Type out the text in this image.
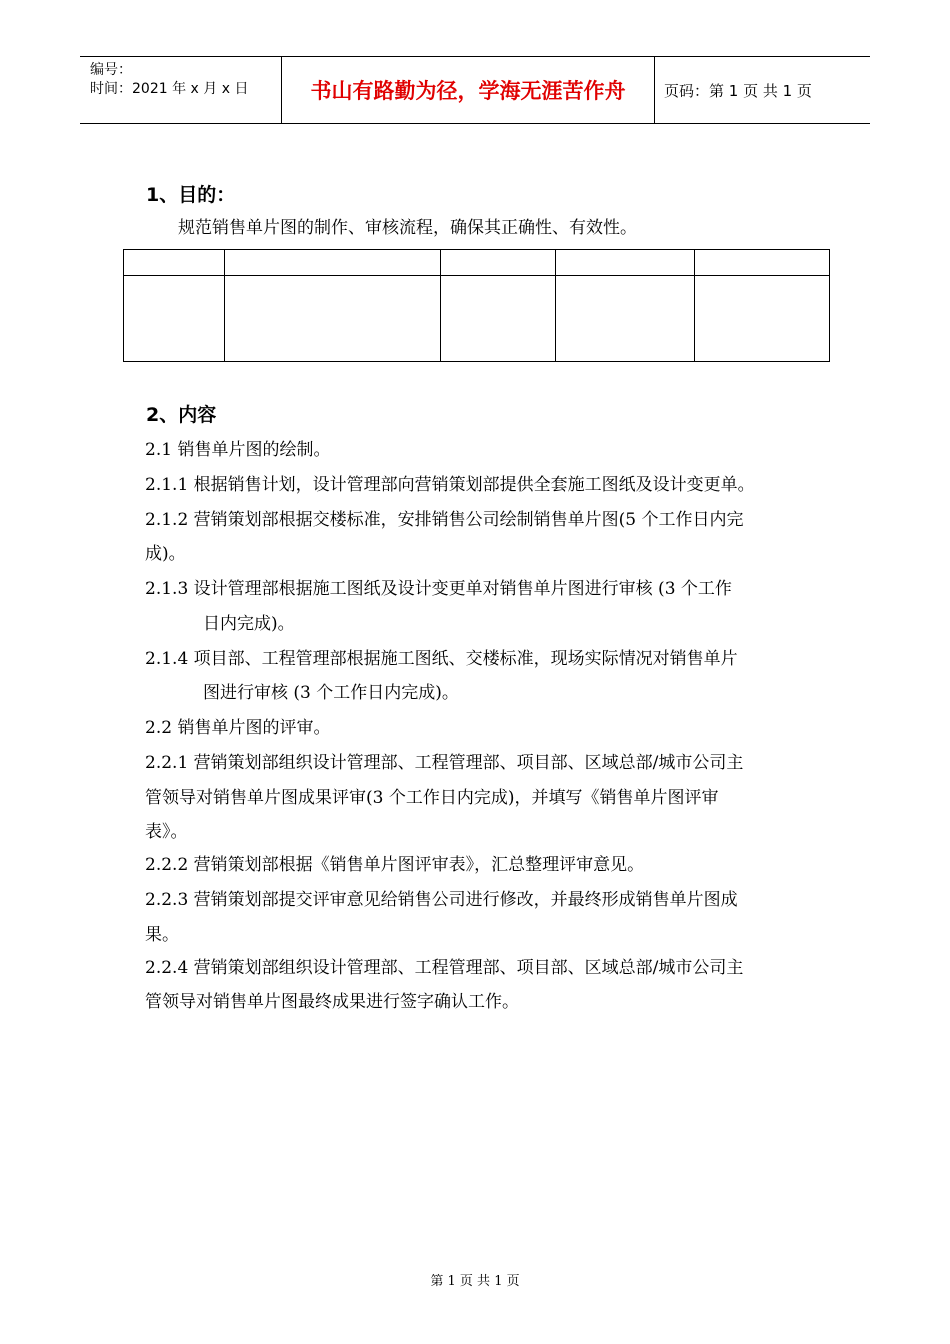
编号：
时间：2021 年 x 月 x 日	书山有路勤为径，学海无涯苦作舟	页码：第 1 页 共 1 页
1、目的：
规范销售单片图的制作、审核流程，确保其正确性、有效性。

2、内容
2.1 销售单片图的绘制。
2.1.1 根据销售计划，设计管理部向营销策划部提供全套施工图纸及设计变更单。
2.1.2 营销策划部根据交楼标准，安排销售公司绘制销售单片图(5 个工作日内完
成)。
2.1.3 设计管理部根据施工图纸及设计变更单对销售单片图进行审核 (3 个工作
日内完成)。
2.1.4 项目部、工程管理部根据施工图纸、交楼标准，现场实际情况对销售单片
图进行审核 (3 个工作日内完成)。
2.2 销售单片图的评审。
2.2.1 营销策划部组织设计管理部、工程管理部、项目部、区域总部/城市公司主
管领导对销售单片图成果评审(3 个工作日内完成)，并填写《销售单片图评审
表》。
2.2.2 营销策划部根据《销售单片图评审表》，汇总整理评审意见。
2.2.3 营销策划部提交评审意见给销售公司进行修改，并最终形成销售单片图成
果。
2.2.4 营销策划部组织设计管理部、工程管理部、项目部、区域总部/城市公司主
管领导对销售单片图最终成果进行签字确认工作。
第 1 页 共 1 页
